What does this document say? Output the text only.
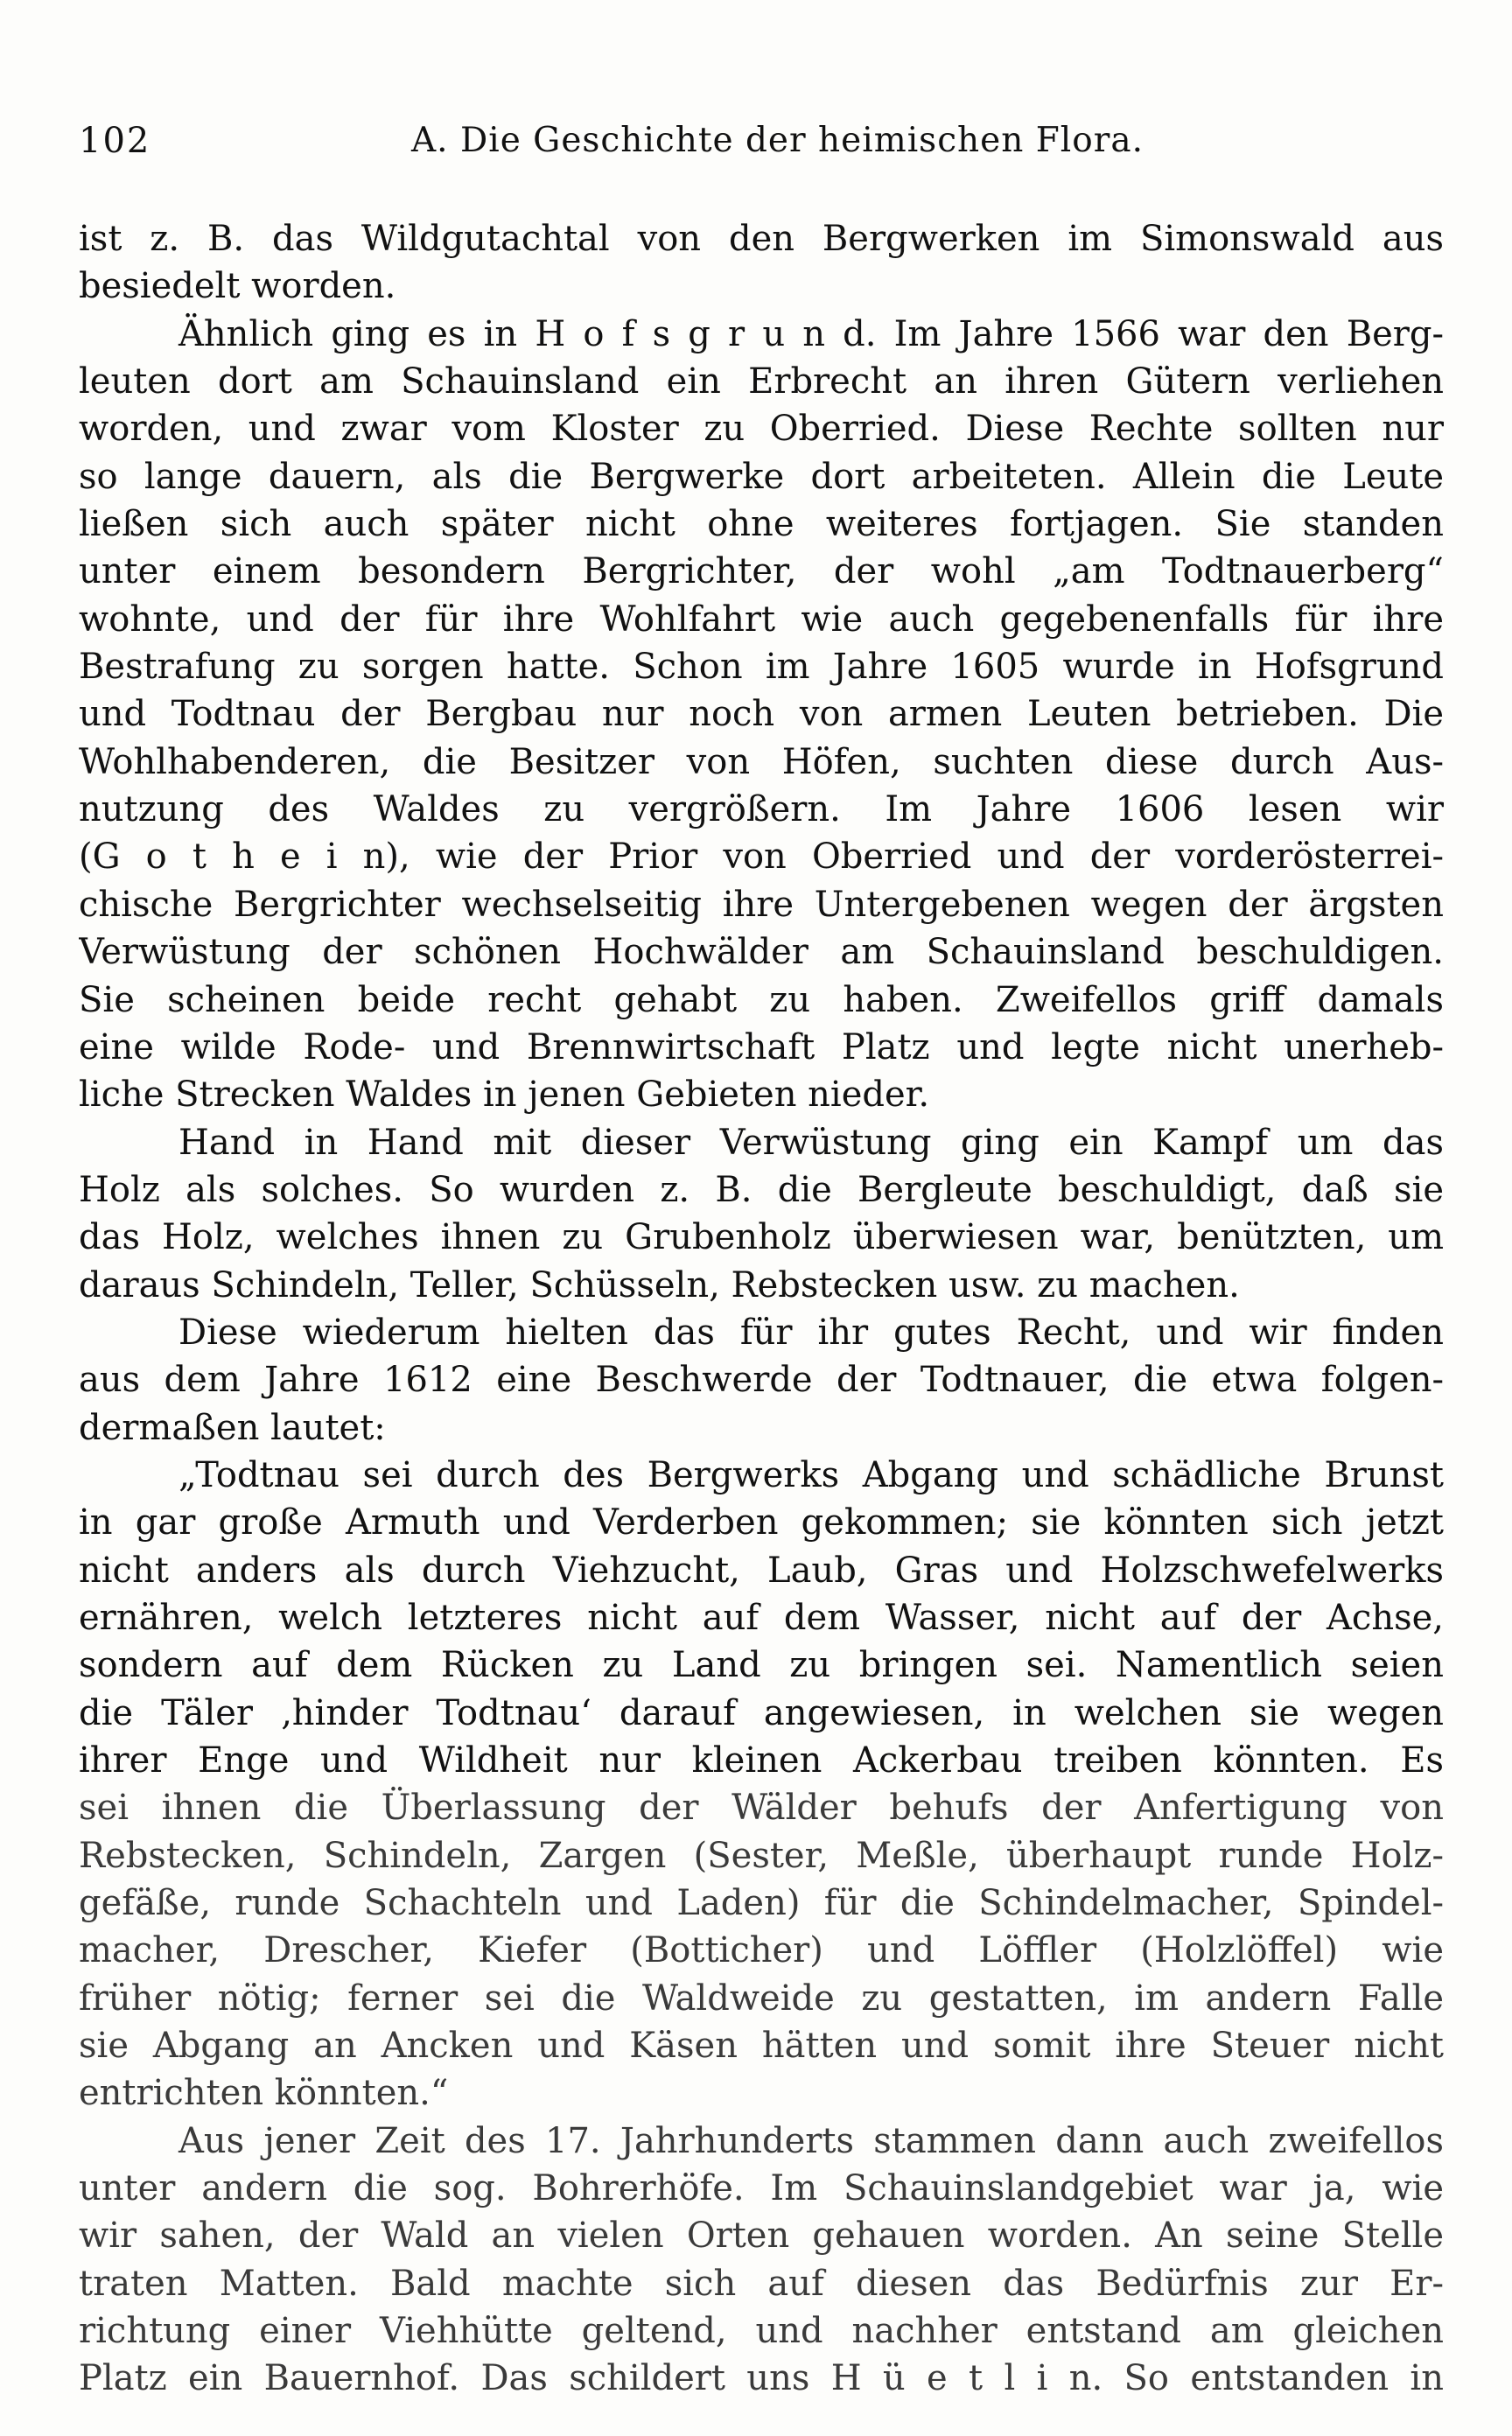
102	A. Die Geschichte der heimischen Flora.
ist z. B. das Wildgutachtal von den Bergwerken im Simonswald aus
besiedelt worden.
Ähnlich ging es in H o f s g r u n d. Im Jahre 1566 war den Berg-
leuten dort am Schauinsland ein Erbrecht an ihren Gütern verliehen
worden, und zwar vom Kloster zu Oberried. Diese Rechte sollten nur
so lange dauern, als die Bergwerke dort arbeiteten. Allein die Leute
ließen sich auch später nicht ohne weiteres fortjagen. Sie standen
unter einem besondern Bergrichter, der wohl „am Todtnauerberg“
wohnte, und der für ihre Wohlfahrt wie auch gegebenenfalls für ihre
Bestrafung zu sorgen hatte. Schon im Jahre 1605 wurde in Hofsgrund
und Todtnau der Bergbau nur noch von armen Leuten betrieben. Die
Wohlhabenderen, die Besitzer von Höfen, suchten diese durch Aus-
nutzung des Waldes zu vergrößern. Im Jahre 1606 lesen wir
(G o t h e i n), wie der Prior von Oberried und der vorderösterrei-
chische Bergrichter wechselseitig ihre Untergebenen wegen der ärgsten
Verwüstung der schönen Hochwälder am Schauinsland beschuldigen.
Sie scheinen beide recht gehabt zu haben. Zweifellos griff damals
eine wilde Rode- und Brennwirtschaft Platz und legte nicht unerheb-
liche Strecken Waldes in jenen Gebieten nieder.
Hand in Hand mit dieser Verwüstung ging ein Kampf um das
Holz als solches. So wurden z. B. die Bergleute beschuldigt, daß sie
das Holz, welches ihnen zu Grubenholz überwiesen war, benützten, um
daraus Schindeln, Teller, Schüsseln, Rebstecken usw. zu machen.
Diese wiederum hielten das für ihr gutes Recht, und wir finden
aus dem Jahre 1612 eine Beschwerde der Todtnauer, die etwa folgen-
dermaßen lautet:
„Todtnau sei durch des Bergwerks Abgang und schädliche Brunst
in gar große Armuth und Verderben gekommen; sie könnten sich jetzt
nicht anders als durch Viehzucht, Laub, Gras und Holzschwefelwerks
ernähren, welch letzteres nicht auf dem Wasser, nicht auf der Achse,
sondern auf dem Rücken zu Land zu bringen sei. Namentlich seien
die Täler ‚hinder Todtnau‘ darauf angewiesen, in welchen sie wegen
ihrer Enge und Wildheit nur kleinen Ackerbau treiben könnten. Es
sei ihnen die Überlassung der Wälder behufs der Anfertigung von
Rebstecken, Schindeln, Zargen (Sester, Meßle, überhaupt runde Holz-
gefäße, runde Schachteln und Laden) für die Schindelmacher, Spindel-
macher, Drescher, Kiefer (Botticher) und Löffler (Holzlöffel) wie
früher nötig; ferner sei die Waldweide zu gestatten, im andern Falle
sie Abgang an Ancken und Käsen hätten und somit ihre Steuer nicht
entrichten könnten.“
Aus jener Zeit des 17. Jahrhunderts stammen dann auch zweifellos
unter andern die sog. Bohrerhöfe. Im Schauinslandgebiet war ja, wie
wir sahen, der Wald an vielen Orten gehauen worden. An seine Stelle
traten Matten. Bald machte sich auf diesen das Bedürfnis zur Er-
richtung einer Viehhütte geltend, und nachher entstand am gleichen
Platz ein Bauernhof. Das schildert uns H ü e t l i n. So entstanden in
